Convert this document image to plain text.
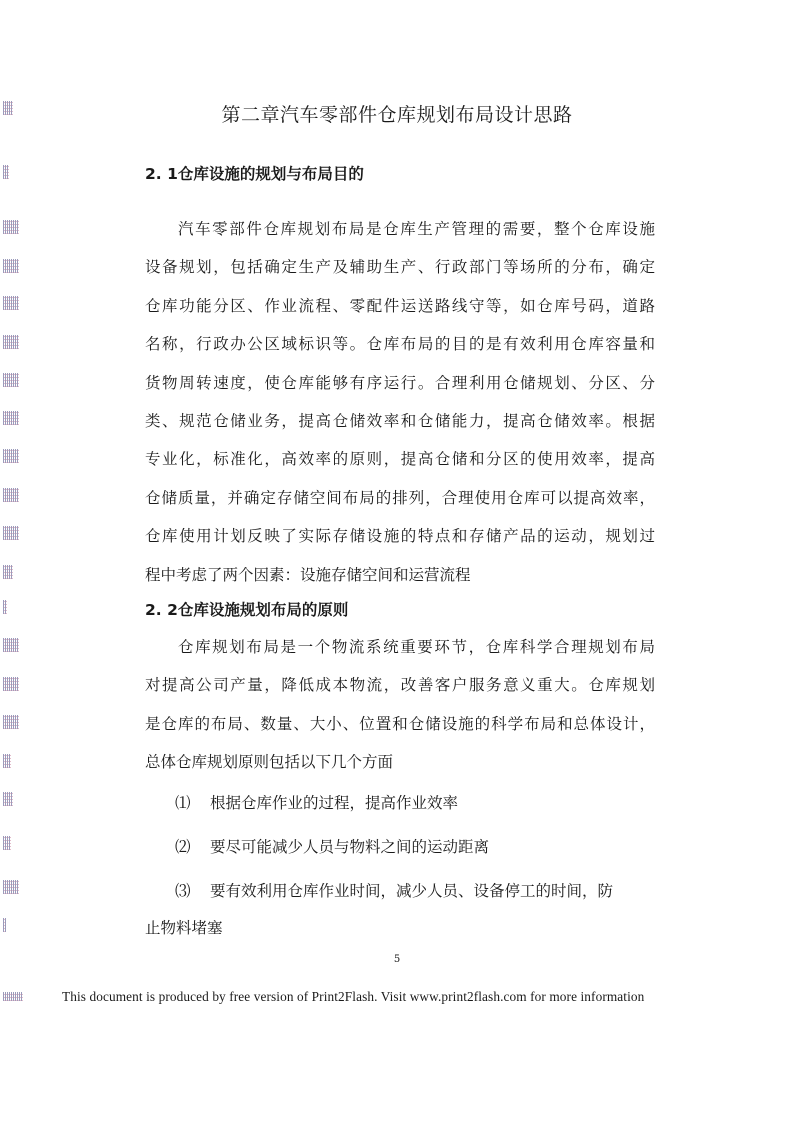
第二章汽车零部件仓库规划布局设计思路
2. 1仓库设施的规划与布局目的
汽车零部件仓库规划布局是仓库生产管理的需要，整个仓库设施
设备规划，包括确定生产及辅助生产、行政部门等场所的分布，确定
仓库功能分区、作业流程、零配件运送路线守等，如仓库号码，道路
名称，行政办公区域标识等。仓库布局的目的是有效利用仓库容量和
货物周转速度，使仓库能够有序运行。合理利用仓储规划、分区、分
类、规范仓储业务，提高仓储效率和仓储能力，提高仓储效率。根据
专业化，标准化，高效率的原则，提高仓储和分区的使用效率，提高
仓储质量，并确定存储空间布局的排列，合理使用仓库可以提高效率，
仓库使用计划反映了实际存储设施的特点和存储产品的运动，规划过
程中考虑了两个因素：设施存储空间和运营流程
2. 2仓库设施规划布局的原则
仓库规划布局是一个物流系统重要环节，仓库科学合理规划布局
对提高公司产量，降低成本物流，改善客户服务意义重大。仓库规划
是仓库的布局、数量、大小、位置和仓储设施的科学布局和总体设计，
总体仓库规划原则包括以下几个方面
⑴ 根据仓库作业的过程，提高作业效率
⑵ 要尽可能减少人员与物料之间的运动距离
⑶ 要有效利用仓库作业时间，减少人员、设备停工的时间，防
止物料堵塞
5
This document is produced by free version of Print2Flash. Visit www.print2flash.com for more information
